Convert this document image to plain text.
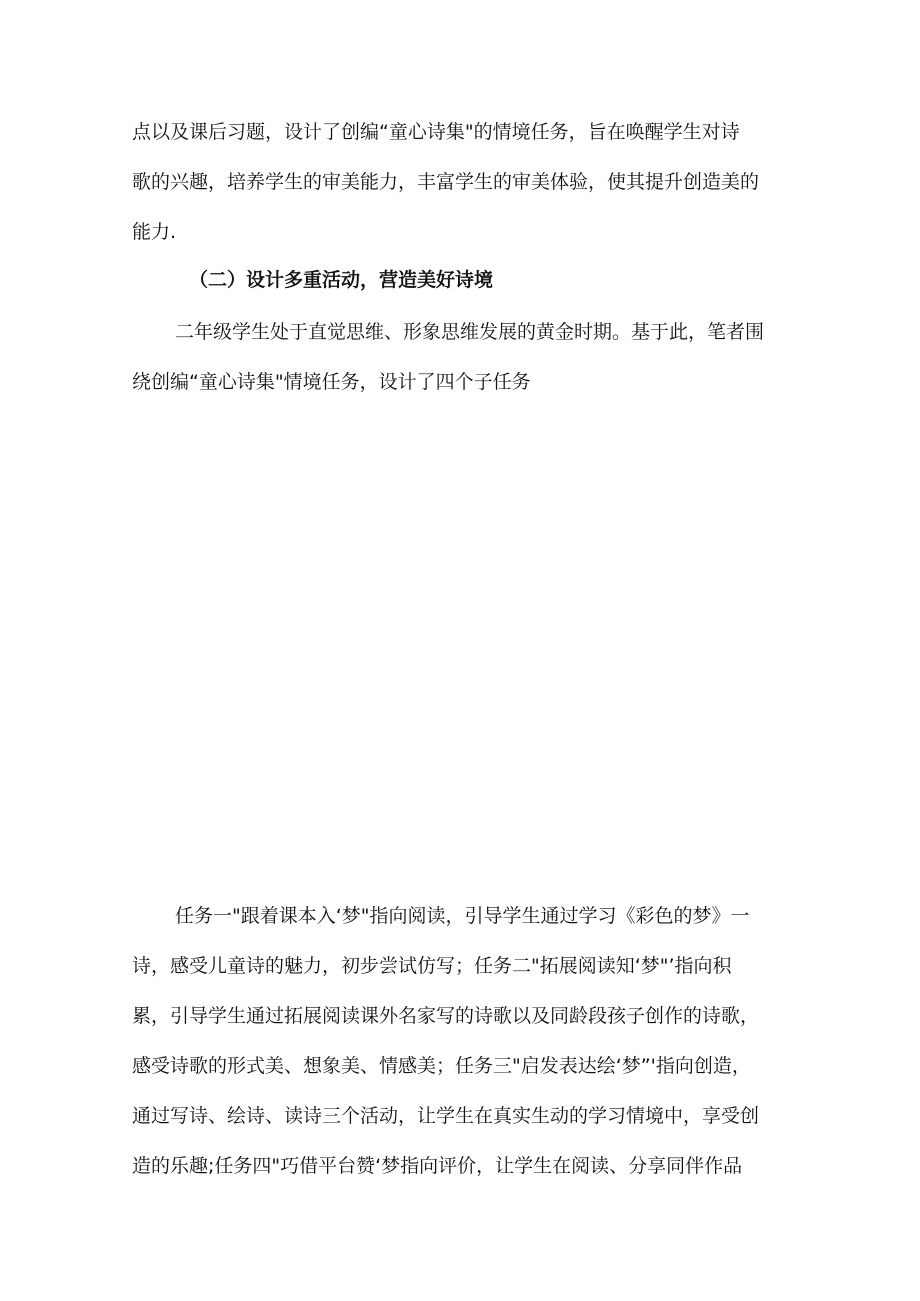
点以及课后习题，设计了创编“童心诗集"的情境任务，旨在唤醒学生对诗
歌的兴趣，培养学生的审美能力，丰富学生的审美体验，使其提升创造美的
能力.
（二）设计多重活动，营造美好诗境
二年级学生处于直觉思维、形象思维发展的黄金时期。基于此，笔者围
绕创编“童心诗集"情境任务，设计了四个子任务
任务一"跟着课本入‘梦"指向阅读，引导学生通过学习《彩色的梦》一
诗，感受儿童诗的魅力，初步尝试仿写；任务二"拓展阅读知‘梦"’指向积
累，引导学生通过拓展阅读课外名家写的诗歌以及同龄段孩子创作的诗歌，
感受诗歌的形式美、想象美、情感美；任务三"启发表达绘‘梦”'指向创造，
通过写诗、绘诗、读诗三个活动，让学生在真实生动的学习情境中，享受创
造的乐趣;任务四"巧借平台赞‘梦指向评价，让学生在阅读、分享同伴作品
